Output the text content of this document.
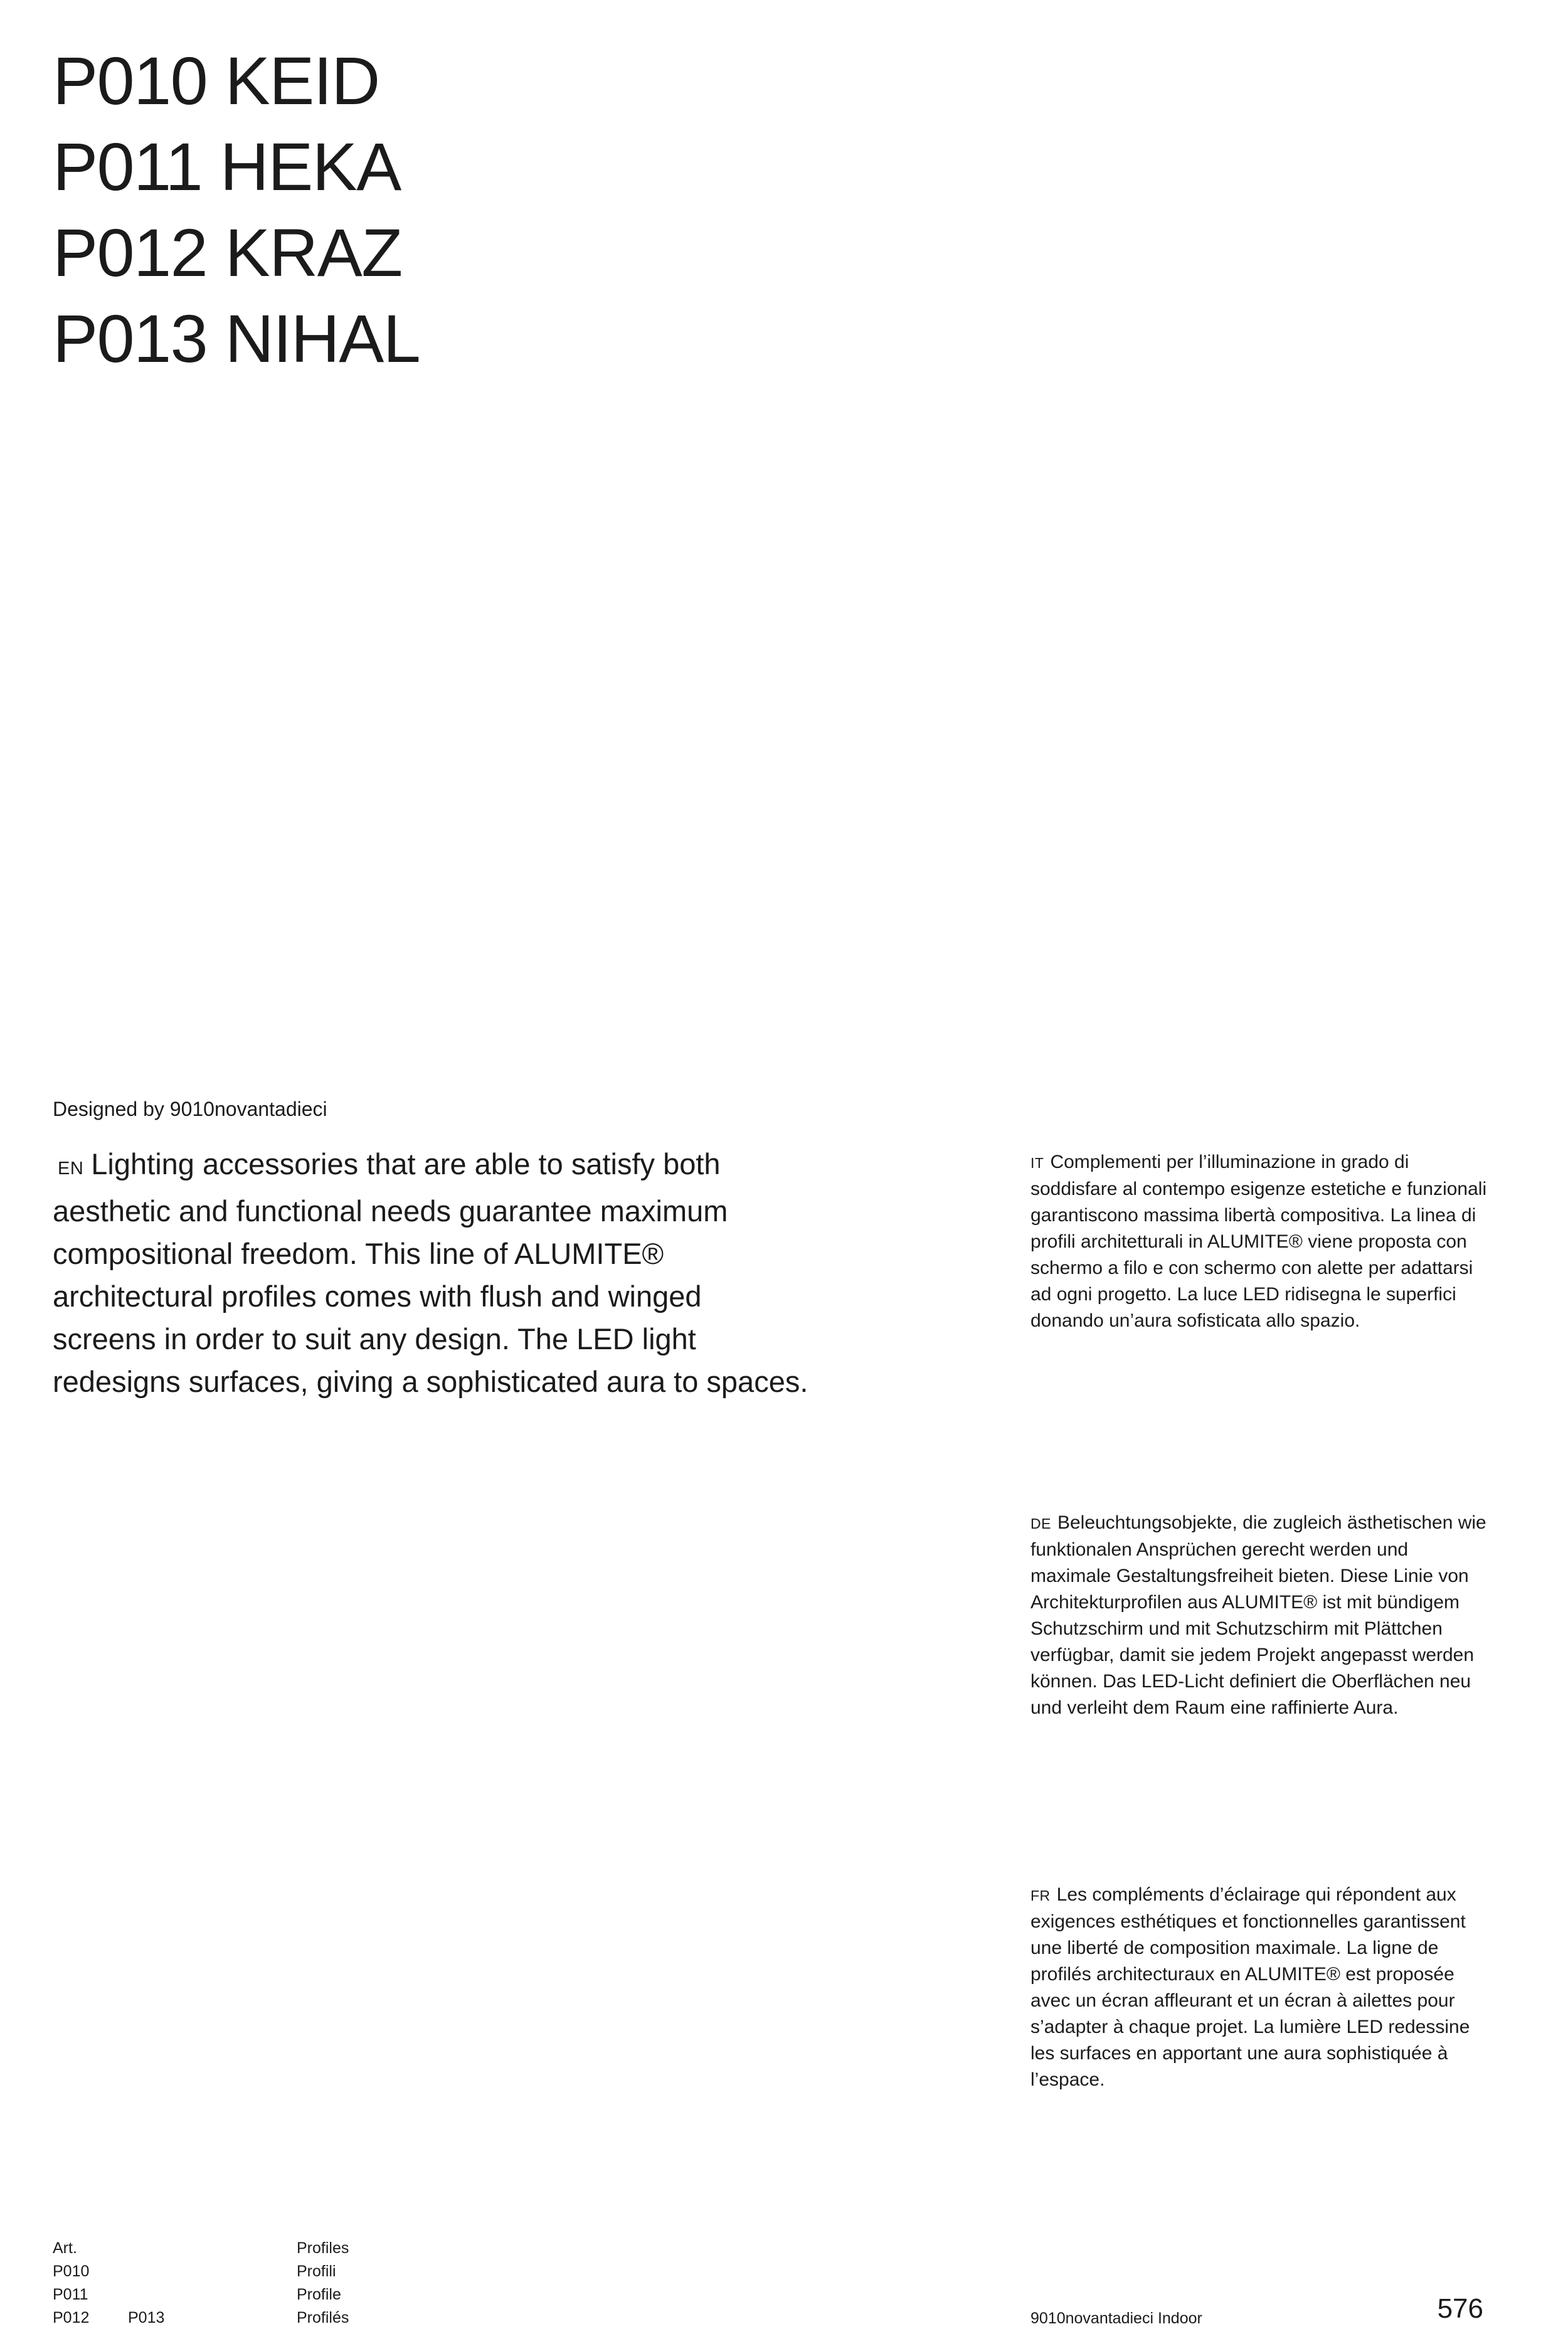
P010 KEID
P011 HEKA
P012 KRAZ
P013 NIHAL
Designed by 9010novantadieci

EN Lighting accessories that are able to satisfy both aesthetic and functional needs guarantee maximum compositional freedom. This line of ALUMITE® architectural profiles comes with flush and winged screens in order to suit any design. The LED light redesigns surfaces, giving a sophisticated aura to spaces.

IT Complementi per l’illuminazione in grado di soddisfare al contempo esigenze estetiche e funzionali garantiscono massima libertà compositiva. La linea di profili architetturali in ALUMITE® viene proposta con schermo a filo e con schermo con alette per adattarsi ad ogni progetto. La luce LED ridisegna le superfici donando un’aura sofisticata allo spazio.

DE Beleuchtungsobjekte, die zugleich ästhetischen wie funktionalen Ansprüchen gerecht werden und maximale Gestaltungsfreiheit bieten. Diese Linie von Architekturprofilen aus ALUMITE® ist mit bündigem Schutzschirm und mit Schutzschirm mit Plättchen verfügbar, damit sie jedem Projekt angepasst werden können. Das LED-Licht definiert die Oberflächen neu und verleiht dem Raum eine raffinierte Aura.

FR Les compléments d’éclairage qui répondent aux exigences esthétiques et fonctionnelles garantissent une liberté de composition maximale. La ligne de profilés architecturaux en ALUMITE® est proposée avec un écran affleurant et un écran à ailettes pour s’adapter à chaque projet. La lumière LED redessine les surfaces en apportant une aura sophistiquée à l’espace.

Art.
P010
P011
P012 P013
Profiles
Profili
Profile
Profilés	9010novantadieci Indoor	576
